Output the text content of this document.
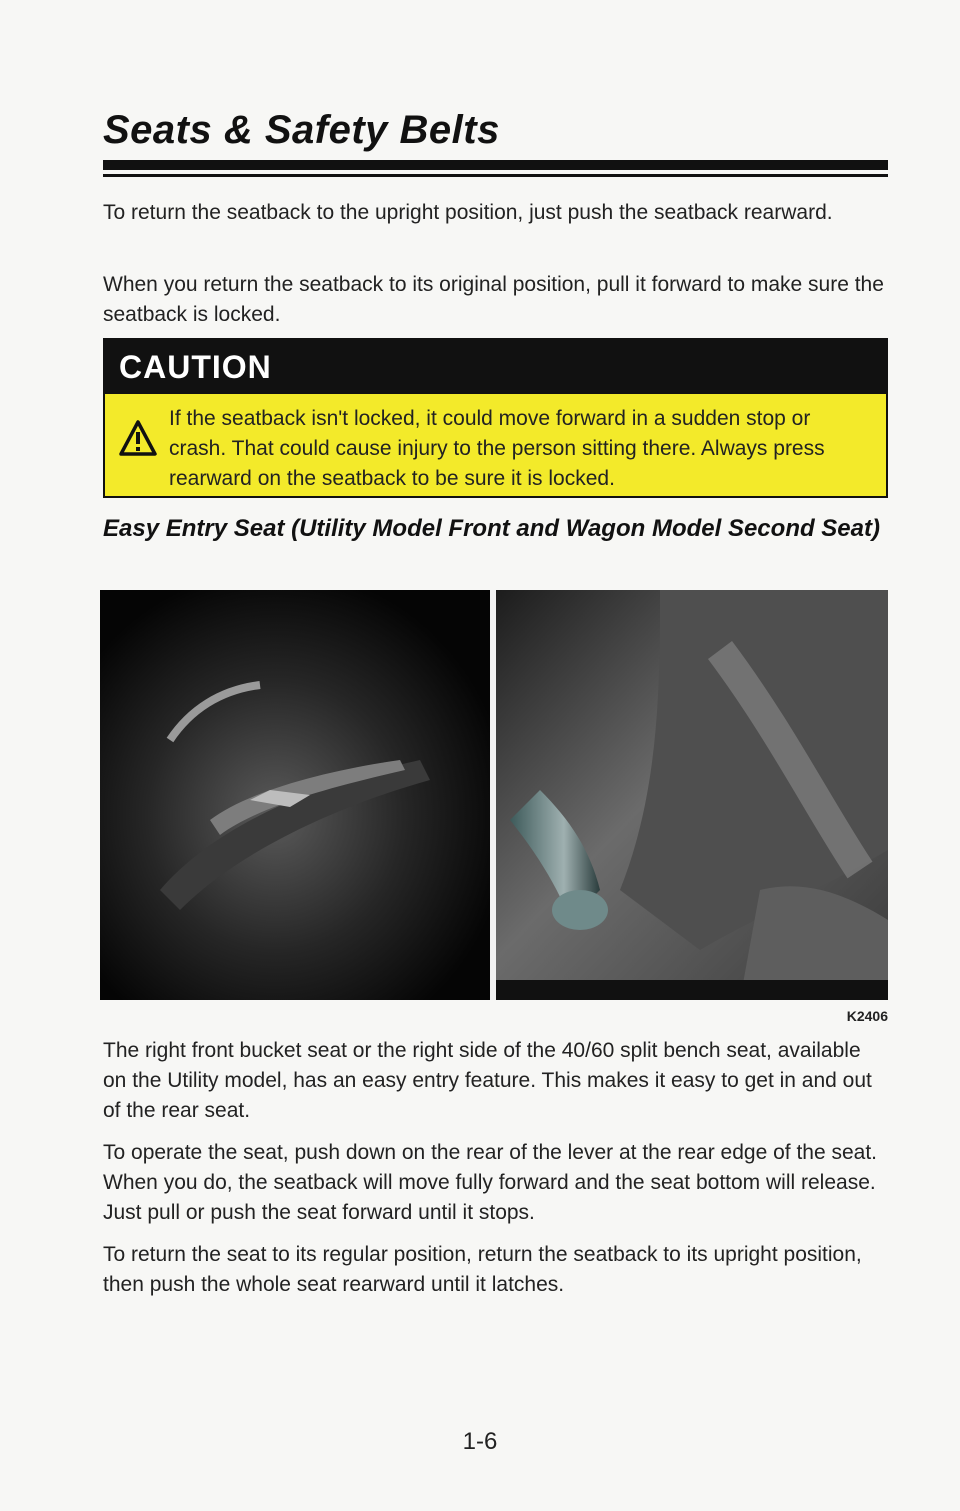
Seats & Safety Belts
To return the seatback to the upright position, just push the seatback rearward.
When you return the seatback to its original position, pull it forward to make sure the seatback is locked.
CAUTION
If the seatback isn't locked, it could move forward in a sudden stop or crash. That could cause injury to the person sitting there. Always press rearward on the seatback to be sure it is locked.
Easy Entry Seat (Utility Model Front and Wagon Model Second Seat)
K2406
The right front bucket seat or the right side of the 40/60 split bench seat, available on the Utility model, has an easy entry feature. This makes it easy to get in and out of the rear seat.
To operate the seat, push down on the rear of the lever at the rear edge of the seat. When you do, the seatback will move fully forward and the seat bottom will release. Just pull or push the seat forward until it stops.
To return the seat to its regular position, return the seatback to its upright position, then push the whole seat rearward until it latches.
1-6
